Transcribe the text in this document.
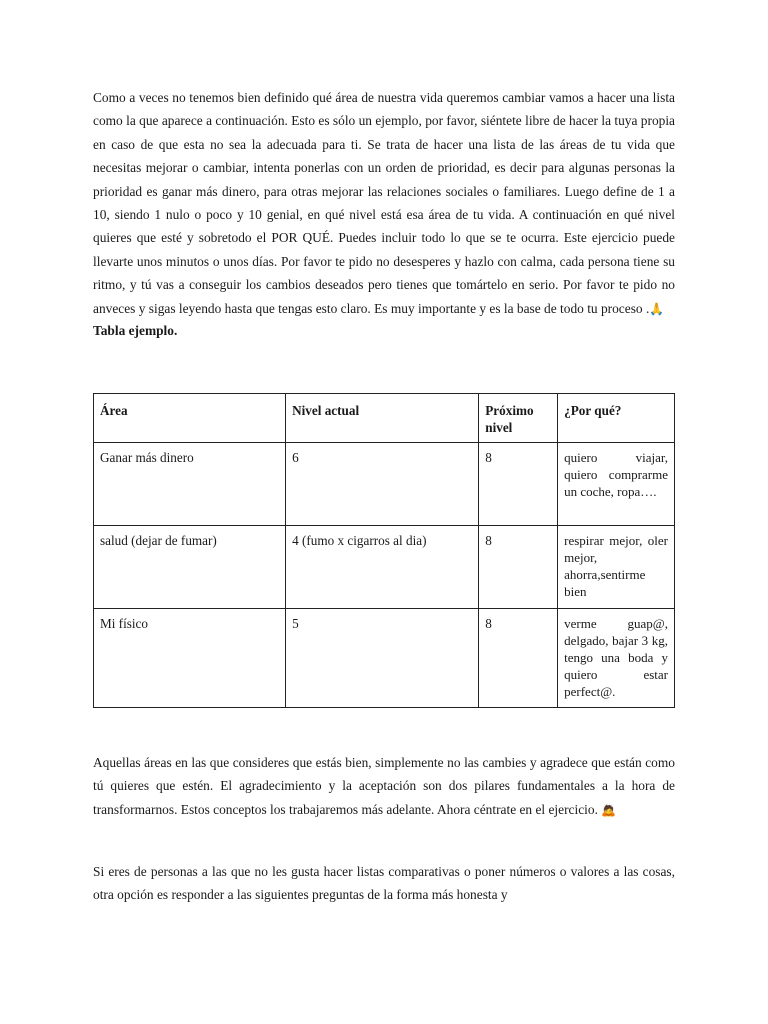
Como a veces no tenemos bien definido qué área de nuestra vida queremos cambiar vamos a hacer una lista como la que aparece a continuación. Esto es sólo un ejemplo, por favor, siéntete libre de hacer la tuya propia en caso de que esta no sea la adecuada para ti. Se trata de hacer una lista de las áreas de tu vida que necesitas mejorar o cambiar, intenta ponerlas con un orden de prioridad, es decir para algunas personas la prioridad es ganar más dinero, para otras mejorar las relaciones sociales o familiares. Luego define de 1 a 10, siendo 1 nulo o poco y 10 genial, en qué nivel está esa área de tu vida. A continuación en qué nivel quieres que esté y sobretodo el POR QUÉ. Puedes incluir todo lo que se te ocurra. Este ejercicio puede llevarte unos minutos o unos días. Por favor te pido no desesperes y hazlo con calma, cada persona tiene su ritmo, y tú vas a conseguir los cambios deseados pero tienes que tomártelo en serio. Por favor te pido no anveces y sigas leyendo hasta que tengas esto claro. Es muy importante y es la base de todo tu proceso .🙏

Tabla ejemplo.

Área	Nivel actual	Próximo nivel	¿Por qué?
Ganar más dinero	6	8	quiero viajar, quiero comprarme un coche, ropa….
salud (dejar de fumar)	4 (fumo x cigarros al dia)	8	respirar mejor, oler mejor, ahorra,sentirme bien
Mi físico	5	8	verme guap@, delgado, bajar 3 kg, tengo una boda y quiero estar perfect@.

Aquellas áreas en las que consideres que estás bien, simplemente no las cambies y agradece que están como tú quieres que estén. El agradecimiento y la aceptación son dos pilares fundamentales a la hora de transformarnos. Estos conceptos los trabajaremos más adelante. Ahora céntrate en el ejercicio. 🙇

Si eres de personas a las que no les gusta hacer listas comparativas o poner números o valores a las cosas, otra opción es responder a las siguientes preguntas de la forma más honesta y
